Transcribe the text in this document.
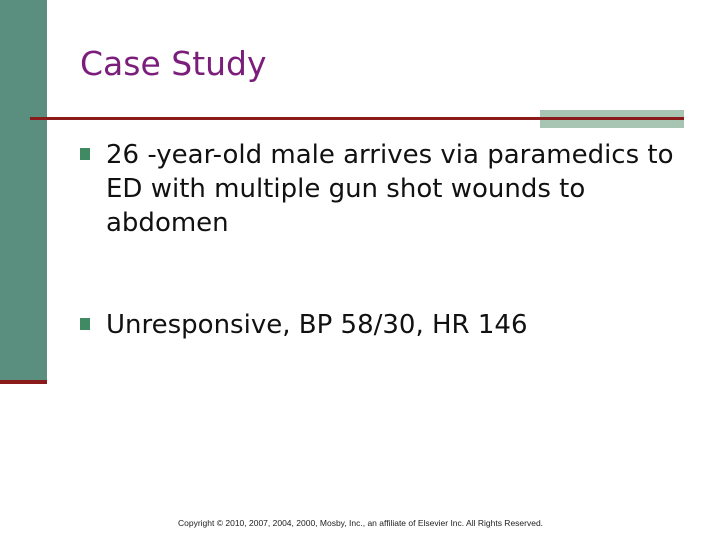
Case Study
26 -year-old male arrives via paramedics to ED with multiple gun shot wounds to abdomen
Unresponsive, BP 58/30, HR 146
Copyright © 2010, 2007, 2004, 2000, Mosby, Inc., an affiliate of Elsevier Inc. All Rights Reserved.
